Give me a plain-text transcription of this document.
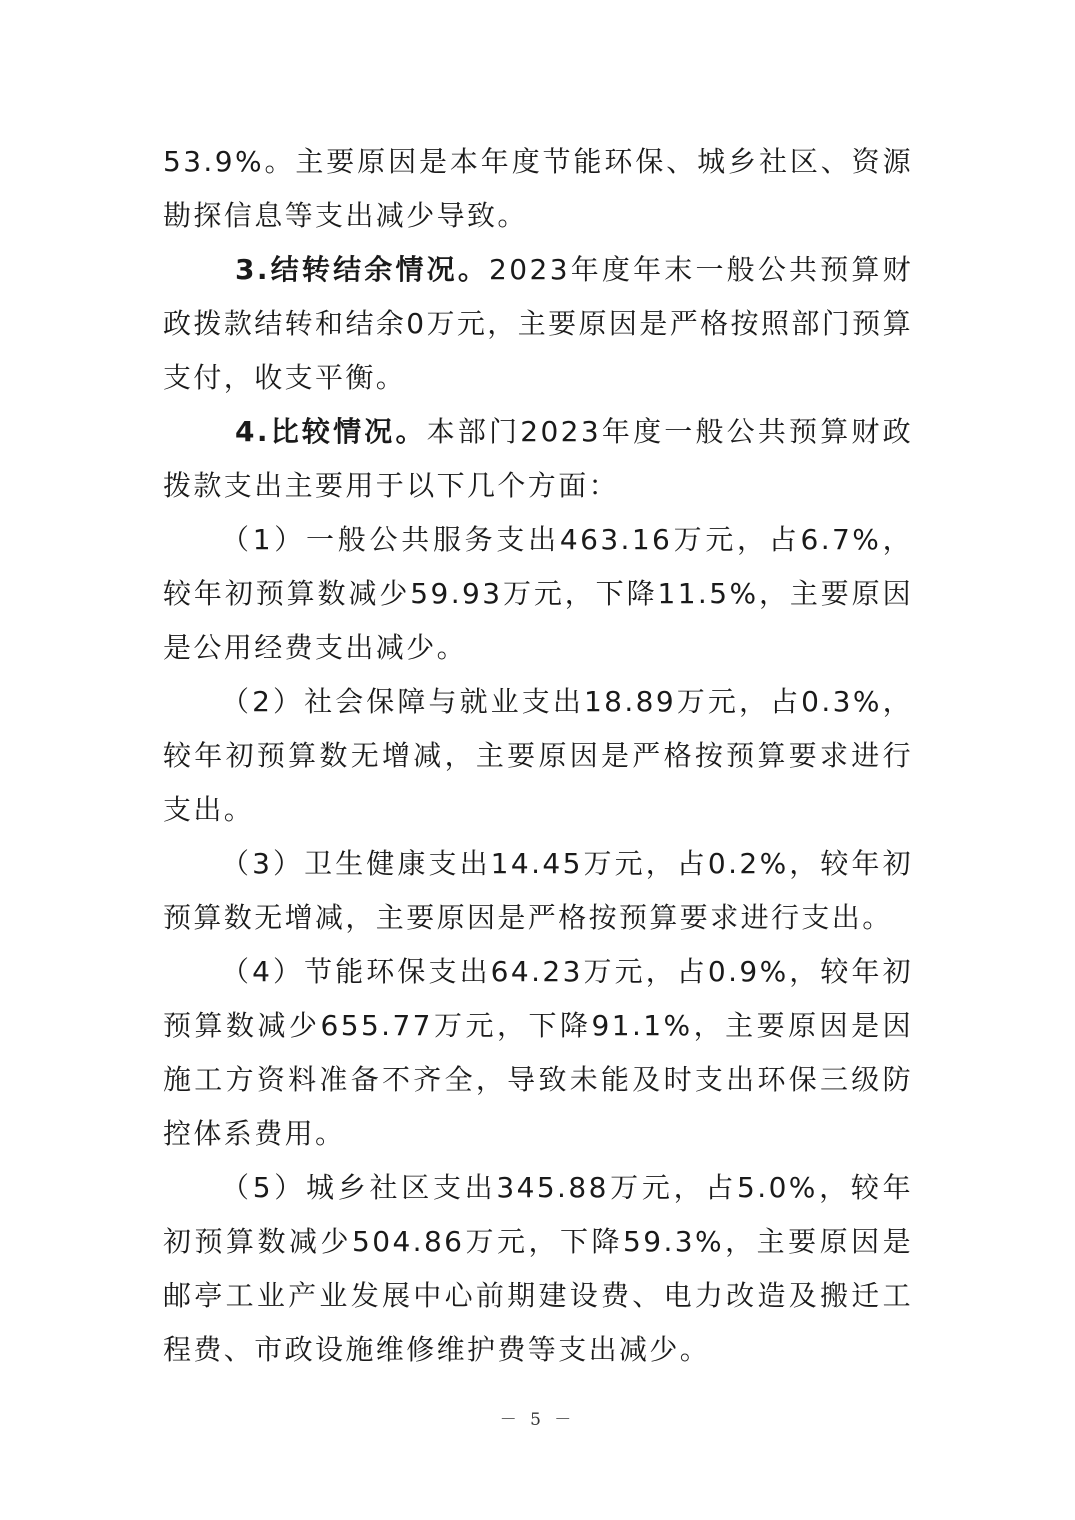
53.9%。主要原因是本年度节能环保、城乡社区、资源勘探信息等支出减少导致。

3.结转结余情况。2023年度年末一般公共预算财政拨款结转和结余0万元，主要原因是严格按照部门预算支付，收支平衡。

4.比较情况。本部门2023年度一般公共预算财政拨款支出主要用于以下几个方面：

（1）一般公共服务支出463.16万元，占6.7%，较年初预算数减少59.93万元，下降11.5%，主要原因是公用经费支出减少。

（2）社会保障与就业支出18.89万元，占0.3%，较年初预算数无增减，主要原因是严格按预算要求进行支出。

（3）卫生健康支出14.45万元，占0.2%，较年初预算数无增减，主要原因是严格按预算要求进行支出。

（4）节能环保支出64.23万元，占0.9%，较年初预算数减少655.77万元，下降91.1%，主要原因是因施工方资料准备不齐全，导致未能及时支出环保三级防控体系费用。

（5）城乡社区支出345.88万元，占5.0%，较年初预算数减少504.86万元，下降59.3%，主要原因是邮亭工业产业发展中心前期建设费、电力改造及搬迁工程费、市政设施维修维护费等支出减少。

－ 5 －
